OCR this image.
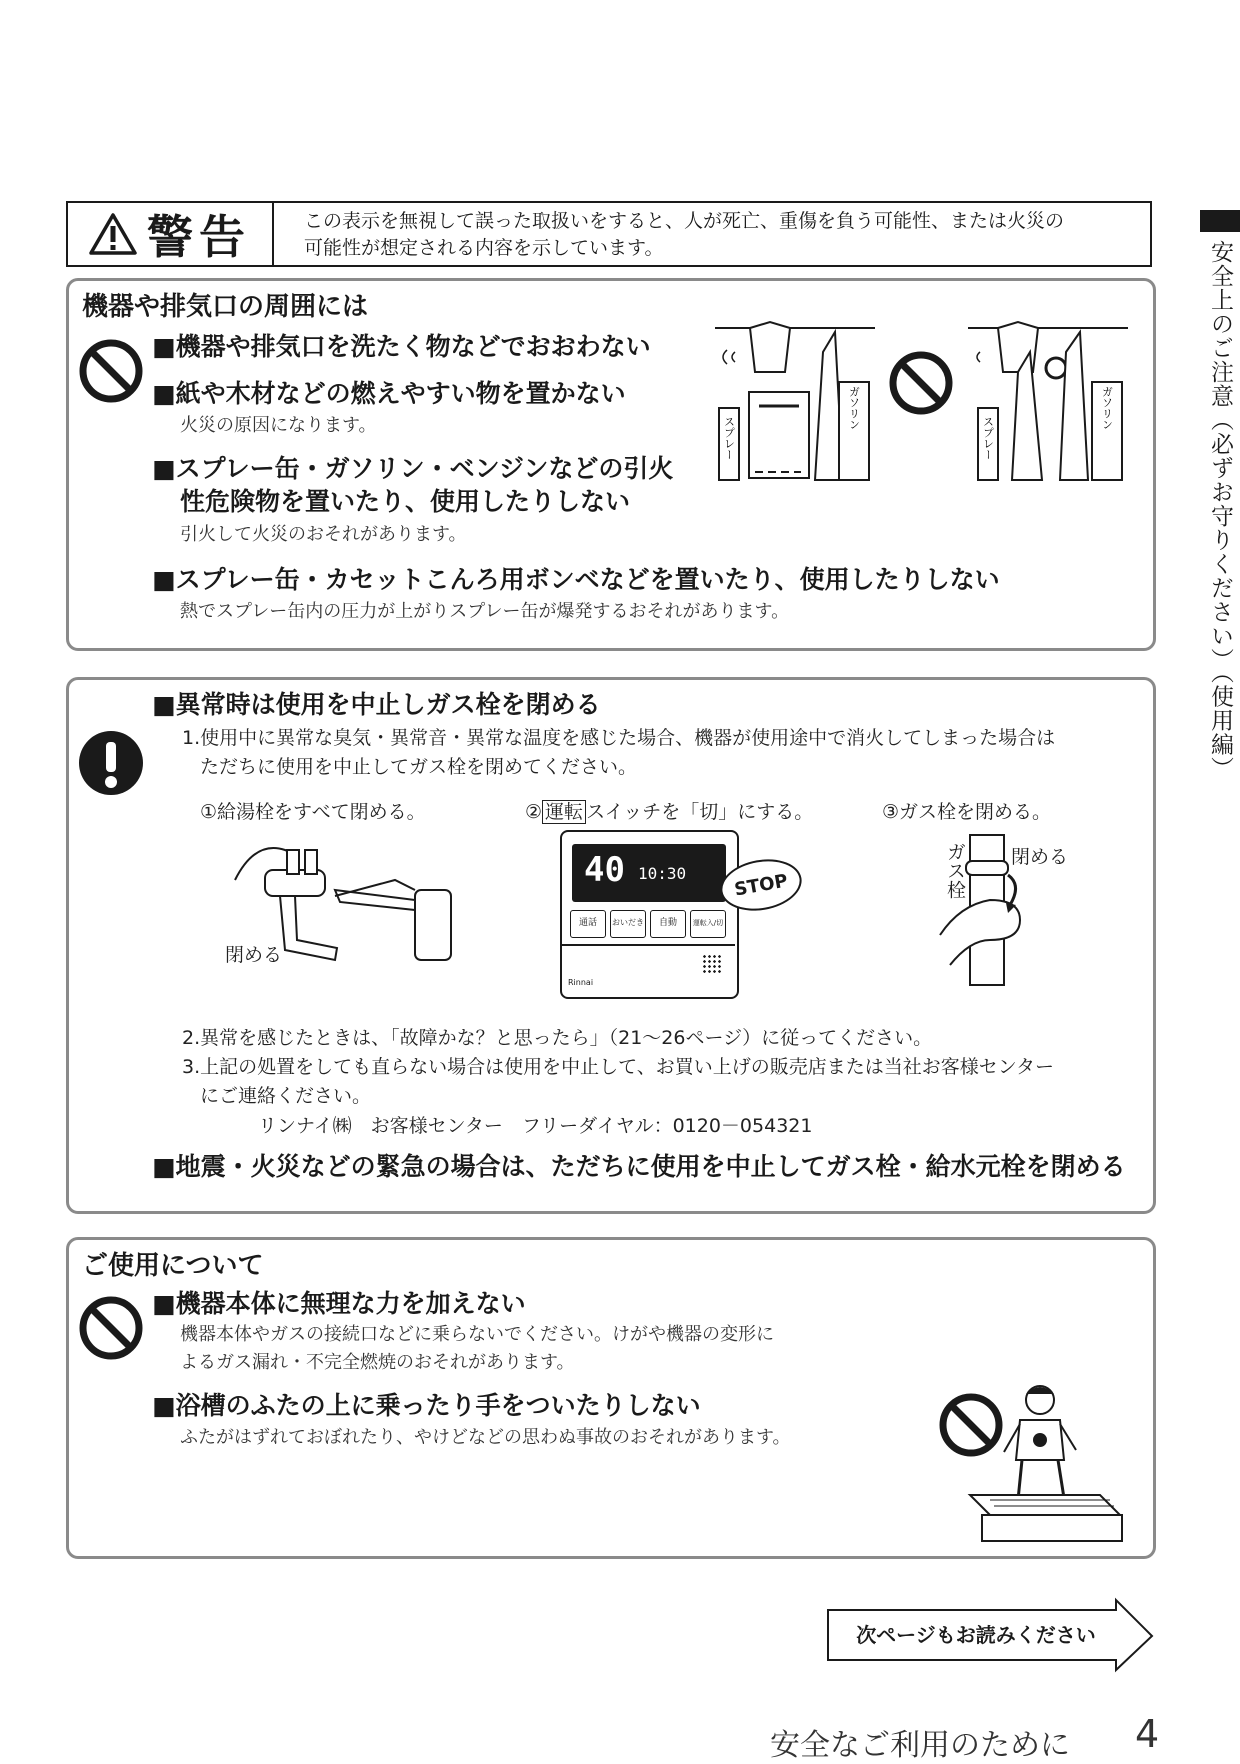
警告	この表示を無視して誤った取扱いをすると、人が死亡、重傷を負う可能性、または火災の
可能性が想定される内容を示しています。	安全上のご注意（必ずお守りください）（使用編）
機器や排気口の周囲には
■機器や排気口を洗たく物などでおおわない
■紙や木材などの燃えやすい物を置かない
火災の原因になります。
■スプレー缶・ガソリン・ベンジンなどの引火
性危険物を置いたり、使用したりしない
引火して火災のおそれがあります。
■スプレー缶・カセットこんろ用ボンベなどを置いたり、使用したりしない
熱でスプレー缶内の圧力が上がりスプレー缶が爆発するおそれがあります。
スプレー
ガソリン
スプレー
ガソリン
■異常時は使用を中止しガス栓を閉める
1.使用中に異常な臭気・異常音・異常な温度を感じた場合、機器が使用途中で消火してしまった場合は
ただちに使用を中止してガス栓を閉めてください。
①給湯栓をすべて閉める。	② 運転 スイッチを「切」にする。	③ガス栓を閉める。
閉める
40 10:30
通話	おいだき	自動	運転入/切
Rinnai
STOP	ガス栓 閉める
2.異常を感じたときは、「故障かな？と思ったら」（21～26ページ）に従ってください。
3.上記の処置をしても直らない場合は使用を中止して、お買い上げの販売店または当社お客様センター
にご連絡ください。
リンナイ㈱　お客様センター　フリーダイヤル：0120－054321
■地震・火災などの緊急の場合は、ただちに使用を中止してガス栓・給水元栓を閉める
ご使用について
■機器本体に無理な力を加えない
機器本体やガスの接続口などに乗らないでください。けがや機器の変形に
よるガス漏れ・不完全燃焼のおそれがあります。
■浴槽のふたの上に乗ったり手をついたりしない
ふたがはずれておぼれたり、やけどなどの思わぬ事故のおそれがあります。
次ページもお読みください
安全なご利用のために 4
